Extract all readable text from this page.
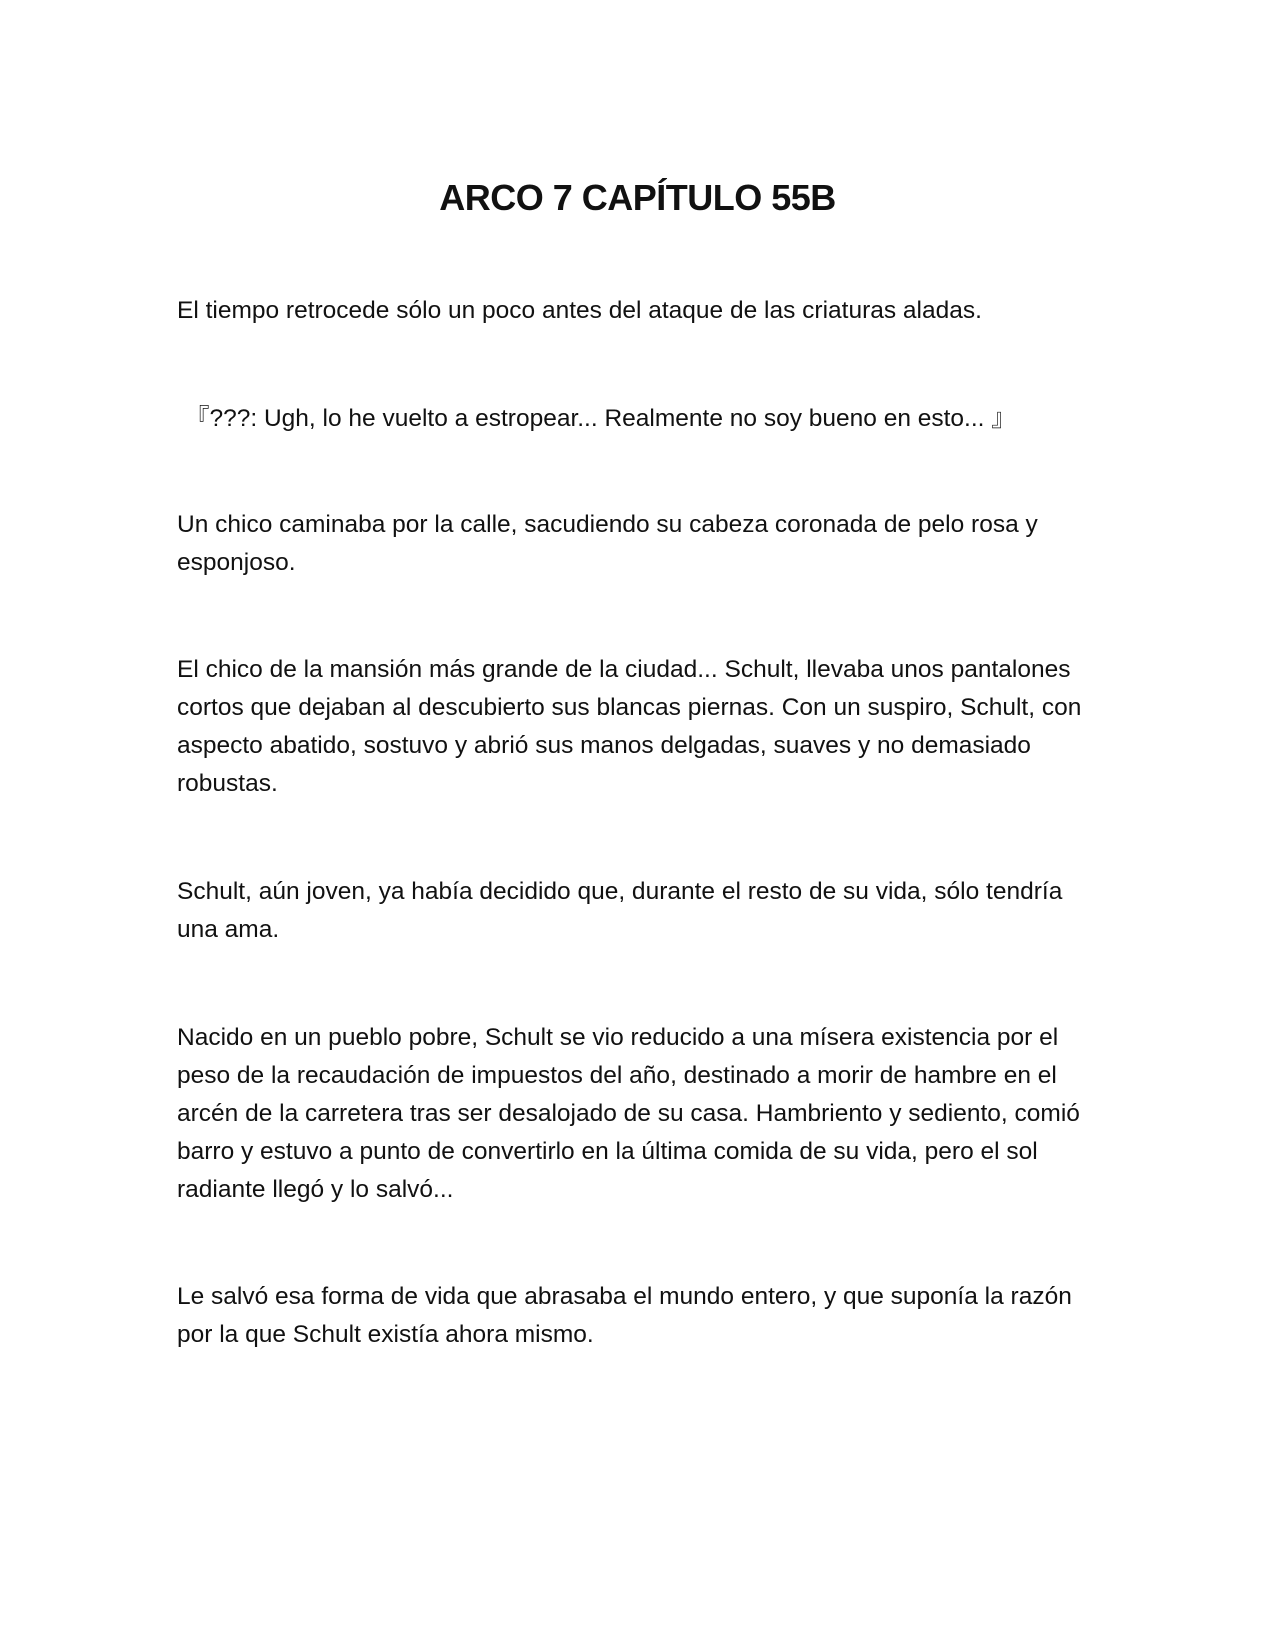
ARCO 7 CAPÍTULO 55B

El tiempo retrocede sólo un poco antes del ataque de las criaturas aladas.

『???: Ugh, lo he vuelto a estropear... Realmente no soy bueno en esto... 』

Un chico caminaba por la calle, sacudiendo su cabeza coronada de pelo rosa y esponjoso.

El chico de la mansión más grande de la ciudad... Schult, llevaba unos pantalones cortos que dejaban al descubierto sus blancas piernas. Con un suspiro, Schult, con aspecto abatido, sostuvo y abrió sus manos delgadas, suaves y no demasiado robustas.

Schult, aún joven, ya había decidido que, durante el resto de su vida, sólo tendría una ama.

Nacido en un pueblo pobre, Schult se vio reducido a una mísera existencia por el peso de la recaudación de impuestos del año, destinado a morir de hambre en el arcén de la carretera tras ser desalojado de su casa. Hambriento y sediento, comió barro y estuvo a punto de convertirlo en la última comida de su vida, pero el sol radiante llegó y lo salvó...

Le salvó esa forma de vida que abrasaba el mundo entero, y que suponía la razón por la que Schult existía ahora mismo.
